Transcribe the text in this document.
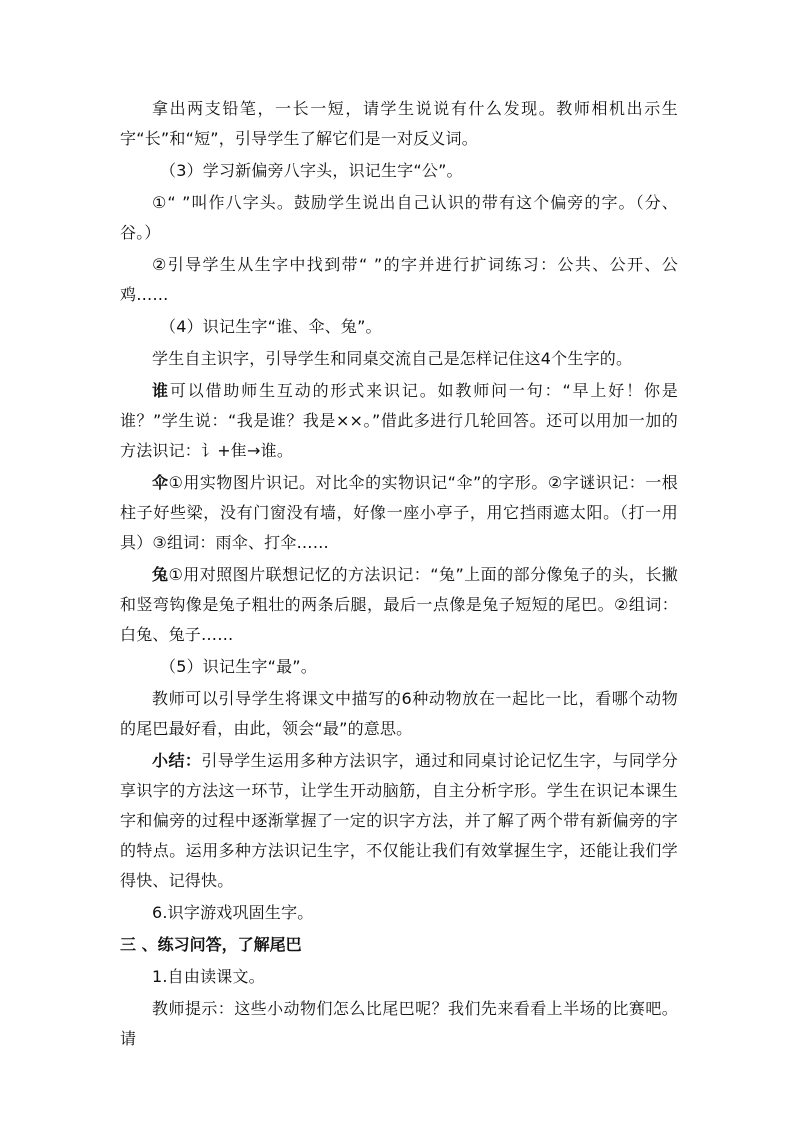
拿出两支铅笔，一长一短，请学生说说有什么发现。教师相机出示生字“长”和“短”，引导学生了解它们是一对反义词。

（3）学习新偏旁八字头，识记生字“公”。

①“ ”叫作八字头。鼓励学生说出自己认识的带有这个偏旁的字。（分、谷。）

②引导学生从生字中找到带“ ”的字并进行扩词练习：公共、公开、公鸡……

（4）识记生字“谁、伞、兔”。

学生自主识字，引导学生和同桌交流自己是怎样记住这4个生字的。

谁可以借助师生互动的形式来识记。如教师问一句：“早上好！你是谁？”学生说：“我是谁？我是××。”借此多进行几轮回答。还可以用加一加的方法识记：讠+隹→谁。

伞①用实物图片识记。对比伞的实物识记“伞”的字形。②字谜识记：一根柱子好些梁，没有门窗没有墙，好像一座小亭子，用它挡雨遮太阳。（打一用具）③组词：雨伞、打伞……

兔①用对照图片联想记忆的方法识记：“兔”上面的部分像兔子的头，长撇和竖弯钩像是兔子粗壮的两条后腿，最后一点像是兔子短短的尾巴。②组词：白兔、兔子……

（5）识记生字“最”。

教师可以引导学生将课文中描写的6种动物放在一起比一比，看哪个动物的尾巴最好看，由此，领会“最”的意思。

小结：引导学生运用多种方法识字，通过和同桌讨论记忆生字，与同学分享识字的方法这一环节，让学生开动脑筋，自主分析字形。学生在识记本课生字和偏旁的过程中逐渐掌握了一定的识字方法，并了解了两个带有新偏旁的字的特点。运用多种方法识记生字，不仅能让我们有效掌握生字，还能让我们学得快、记得快。

6.识字游戏巩固生字。

三 、练习问答，了解尾巴

1.自由读课文。

教师提示：这些小动物们怎么比尾巴呢？我们先来看看上半场的比赛吧。请
